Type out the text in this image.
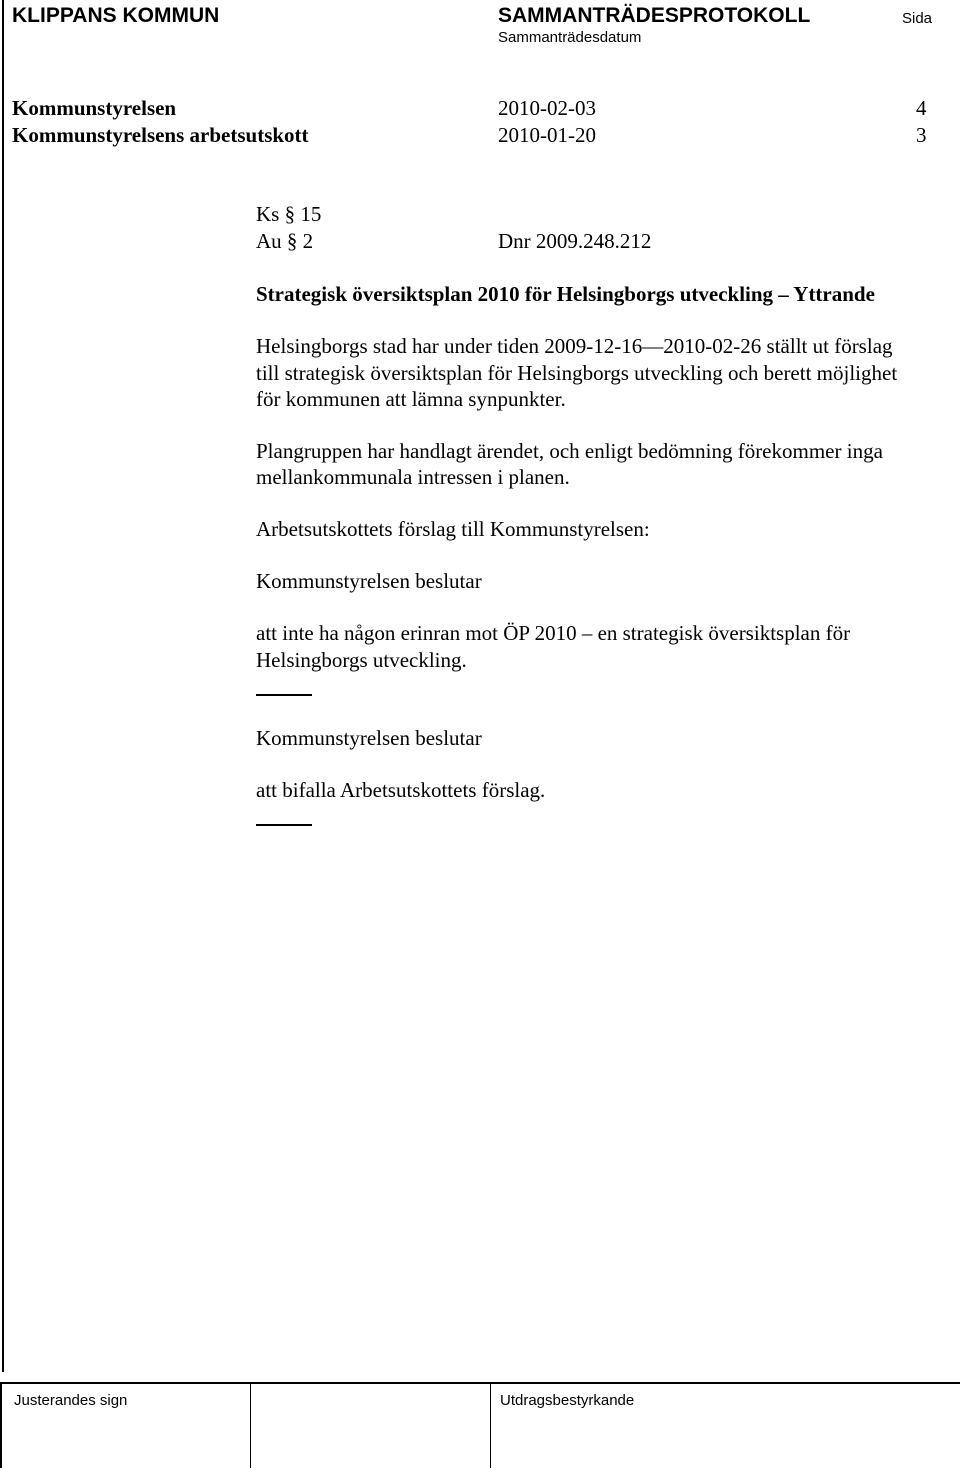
KLIPPANS KOMMUN	SAMMANTRÄDESPROTOKOLL
Sammanträdesdatum
Sida
Kommunstyrelsen	2010-02-03	4
Kommunstyrelsens arbetsutskott	2010-01-20	3
Ks § 15
Au § 2	Dnr 2009.248.212
Strategisk översiktsplan 2010 för Helsingborgs utveckling – Yttrande
Helsingborgs stad har under tiden 2009-12-16—2010-02-26 ställt ut förslag
till strategisk översiktsplan för Helsingborgs utveckling och berett möjlighet
för kommunen att lämna synpunkter.
Plangruppen har handlagt ärendet, och enligt bedömning förekommer inga
mellankommunala intressen i planen.
Arbetsutskottets förslag till Kommunstyrelsen:
Kommunstyrelsen beslutar
att inte ha någon erinran mot ÖP 2010 – en strategisk översiktsplan för
Helsingborgs utveckling.
Kommunstyrelsen beslutar
att bifalla Arbetsutskottets förslag.
Justerandes sign	Utdragsbestyrkande
